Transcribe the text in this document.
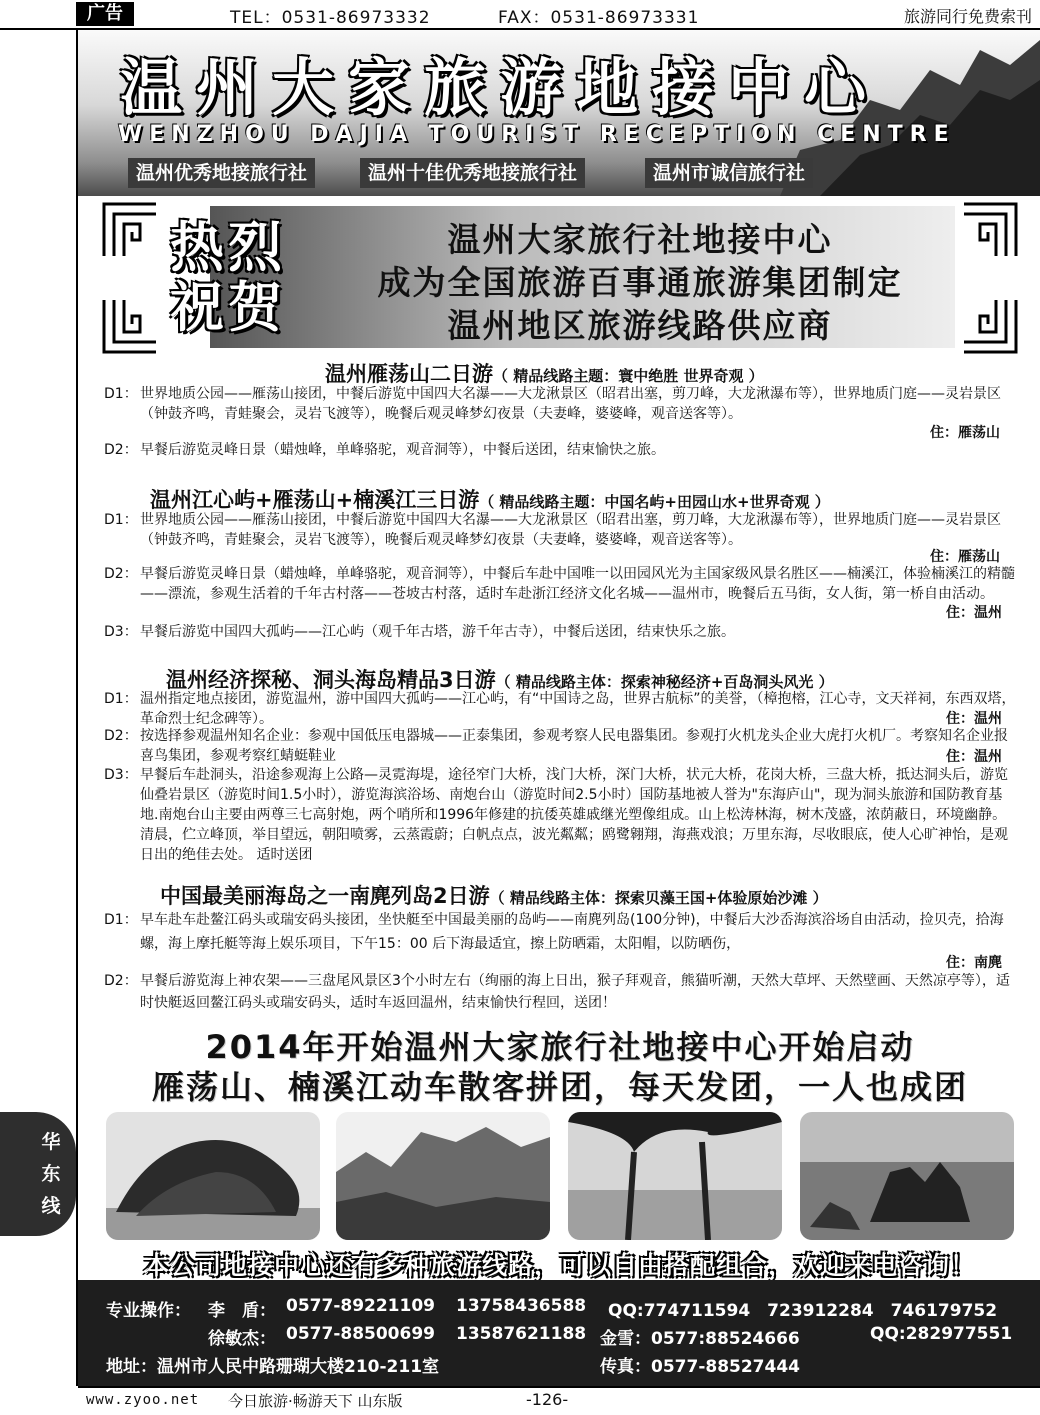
广告	TEL：0531-86973332	FAX：0531-86973331	旅游同行免费索刊
温州大家旅游地接中心
WENZHOU DAJIA TOURIST RECEPTION CENTRE
温州优秀地接旅行社	温州十佳优秀地接旅行社	温州市诚信旅行社
热烈
祝贺
温州大家旅行社地接中心
成为全国旅游百事通旅游集团制定
温州地区旅游线路供应商
温州雁荡山二日游（ 精品线路主题：寰中绝胜 世界奇观 ）
D1： 世界地质公园——雁荡山接团，中餐后游览中国四大名瀑——大龙湫景区（昭君出塞，剪刀峰，大龙湫瀑布等），世界地质门庭——灵岩景区（钟鼓齐鸣，青蛙聚会，灵岩飞渡等），晚餐后观灵峰梦幻夜景（夫妻峰，婆婆峰，观音送客等）。
住：雁荡山
D2： 早餐后游览灵峰日景（蜡烛峰，单峰骆驼，观音洞等），中餐后送团，结束愉快之旅。
温州江心屿+雁荡山+楠溪江三日游（ 精品线路主题：中国名屿+田园山水+世界奇观 ）
D1： 世界地质公园——雁荡山接团，中餐后游览中国四大名瀑——大龙湫景区（昭君出塞，剪刀峰，大龙湫瀑布等），世界地质门庭——灵岩景区（钟鼓齐鸣，青蛙聚会，灵岩飞渡等），晚餐后观灵峰梦幻夜景（夫妻峰，婆婆峰，观音送客等）。
住：雁荡山
D2： 早餐后游览灵峰日景（蜡烛峰，单峰骆驼，观音洞等），中餐后车赴中国唯一以田园风光为主国家级风景名胜区——楠溪江，体验楠溪江的精髓——漂流，参观生活着的千年古村落——苍坡古村落，适时车赴浙江经济文化名城——温州市，晚餐后五马街，女人街，第一桥自由活动。
住：温州
D3： 早餐后游览中国四大孤屿——江心屿（观千年古塔，游千年古寺），中餐后送团，结束快乐之旅。
温州经济探秘、洞头海岛精品3日游（ 精品线路主体：探索神秘经济+百岛洞头风光 ）
D1： 温州指定地点接团，游览温州，游中国四大孤屿——江心屿，有“中国诗之岛，世界古航标”的美誉，（樟抱榕，江心寺，文天祥祠，东西双塔，革命烈士纪念碑等）。	住：温州
D2： 按选择参观温州知名企业：参观中国低压电器城——正泰集团，参观考察人民电器集团。参观打火机龙头企业大虎打火机厂。考察知名企业报喜鸟集团，参观考察红蜻蜓鞋业	住：温州
D3： 早餐后车赴洞头，沿途参观海上公路—灵霓海堤，途径窄门大桥，浅门大桥，深门大桥，状元大桥，花岗大桥，三盘大桥，抵达洞头后，游览仙叠岩景区（游览时间1.5小时），游览海滨浴场、南炮台山（游览时间2.5小时）国防基地被人誉为"东海庐山"，现为洞头旅游和国防教育基地.南炮台山主要由两尊三七高射炮，两个哨所和1996年修建的抗倭英雄戚继光塑像组成。山上松涛林海，树木茂盛，浓荫蔽日，环境幽静。清晨，伫立峰顶，举目望远，朝阳喷雾，云蒸霞蔚；白帆点点，波光粼粼；鸥鹭翱翔，海燕戏浪；万里东海，尽收眼底，使人心旷神怡，是观日出的绝佳去处。 适时送团
中国最美丽海岛之一南麂列岛2日游（ 精品线路主体：探索贝藻王国+体验原始沙滩 ）
D1： 早车赴车赴鳌江码头或瑞安码头接团，坐快艇至中国最美丽的岛屿——南麂列岛(100分钟)，中餐后大沙岙海滨浴场自由活动，捡贝壳，拾海螺，海上摩托艇等海上娱乐项目，下午15：00 后下海最适宜，擦上防晒霜，太阳帽，以防晒伤，
住：南麂
D2： 早餐后游览海上神农架——三盘尾风景区3个小时左右（绚丽的海上日出，猴子拜观音，熊猫听潮，天然大草坪、天然壁画、天然凉亭等），适时快艇返回鳌江码头或瑞安码头，适时车返回温州，结束愉快行程回，送团！
2014年开始温州大家旅行社地接中心开始启动
雁荡山、楠溪江动车散客拼团，每天发团，一人也成团
华
东
线
本公司地接中心还有多种旅游线路，可以自由搭配组合，欢迎来电咨询！
专业操作： 李　盾： 0577-89221109 13758436588 QQ:774711594　723912284　746179752
徐敏杰： 0577-88500699 13587621188 金雪：0577:88524666	QQ:282977551
地址：温州市人民中路珊瑚大楼210-211室	传真：0577-88527444
www.zyoo.net 今日旅游·畅游天下 山东版	-126-
